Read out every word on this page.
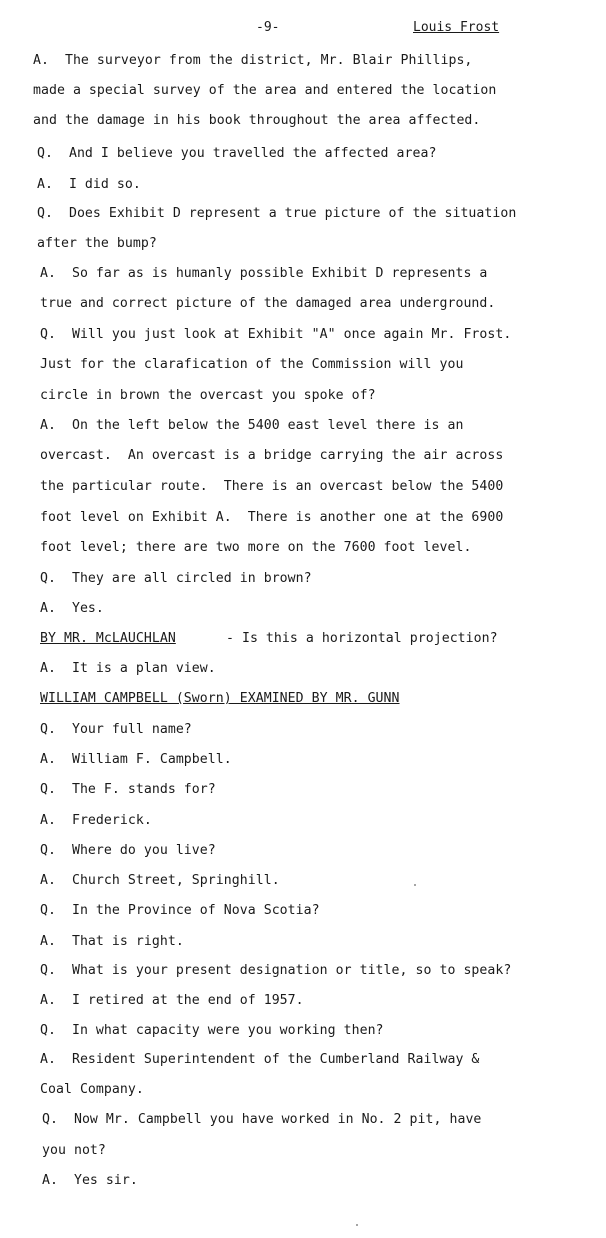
-9-	Louis Frost
A.  The surveyor from the district, Mr. Blair Phillips,
made a special survey of the area and entered the location
and the damage in his book throughout the area affected.
Q.  And I believe you travelled the affected area?
A.  I did so.
Q.  Does Exhibit D represent a true picture of the situation
after the bump?
A.  So far as is humanly possible Exhibit D represents a
true and correct picture of the damaged area underground.
Q.  Will you just look at Exhibit "A" once again Mr. Frost.
Just for the clarafication of the Commission will you
circle in brown the overcast you spoke of?
A.  On the left below the 5400 east level there is an
overcast.  An overcast is a bridge carrying the air across
the particular route.  There is an overcast below the 5400
foot level on Exhibit A.  There is another one at the 6900
foot level; there are two more on the 7600 foot level.
Q.  They are all circled in brown?
A.  Yes.
BY MR. McLAUCHLAN	- Is this a horizontal projection?
A.  It is a plan view.
WILLIAM CAMPBELL (Sworn) EXAMINED BY MR. GUNN
Q.  Your full name?
A.  William F. Campbell.
Q.  The F. stands for?
A.  Frederick.
Q.  Where do you live?
A.  Church Street, Springhill.
Q.  In the Province of Nova Scotia?
A.  That is right.
Q.  What is your present designation or title, so to speak?
A.  I retired at the end of 1957.
Q.  In what capacity were you working then?
A.  Resident Superintendent of the Cumberland Railway &
Coal Company.
Q.  Now Mr. Campbell you have worked in No. 2 pit, have
you not?
A.  Yes sir.
